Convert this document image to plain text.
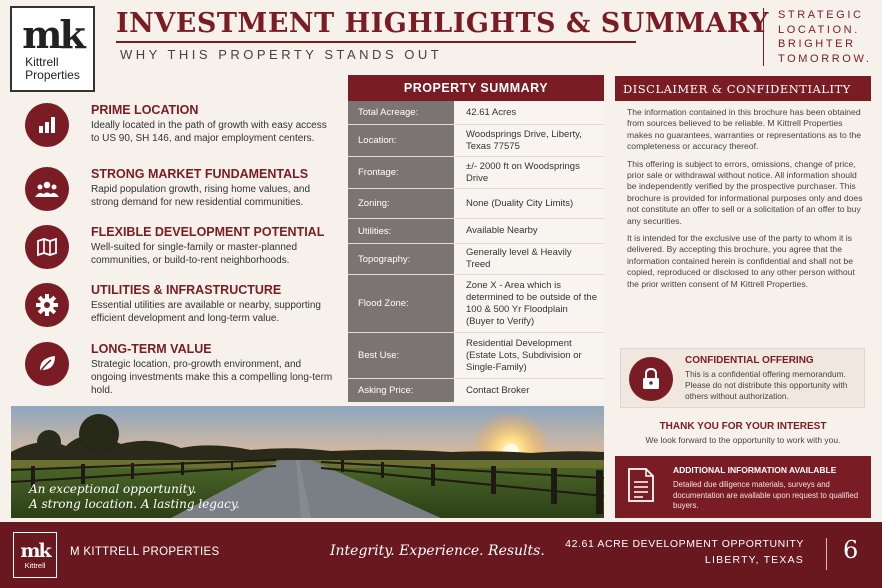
mk
Kittrell
Properties
INVESTMENT HIGHLIGHTS & SUMMARY
WHY THIS PROPERTY STANDS OUT
STRATEGIC
LOCATION.
BRIGHTER
TOMORROW.
PRIME LOCATION
Ideally located in the path of growth with easy access to US 90, SH 146, and major employment centers.
STRONG MARKET FUNDAMENTALS
Rapid population growth, rising home values, and strong demand for new residential communities.
FLEXIBLE DEVELOPMENT POTENTIAL
Well-suited for single-family or master-planned communities, or build-to-rent neighborhoods.
UTILITIES & INFRASTRUCTURE
Essential utilities are available or nearby, supporting efficient development and long-term value.
LONG-TERM VALUE
Strategic location, pro-growth environment, and ongoing investments make this a compelling long-term hold.
PROPERTY SUMMARY
Total Acreage:	42.61 Acres
Location:
Woodsprings Drive, Liberty, Texas 77575
Frontage:
±/- 2000 ft on Woodsprings Drive
Zoning:	None (Duality City Limits)
Utilities:	Available Nearby
Topography:
Generally level & Heavily Treed
Flood Zone:
Zone X - Area which is determined to be outside of the 100 & 500 Yr Floodplain (Buyer to Verify)
Best Use:
Residential Development (Estate Lots, Subdivision or Single-Family)
Asking Price:	Contact Broker
An exceptional opportunity.
A strong location. A lasting legacy.
DISCLAIMER & CONFIDENTIALITY

The information contained in this brochure has been obtained from sources believed to be reliable. M Kittrell Properties makes no guarantees, warranties or representations as to the completeness or accuracy thereof.

This offering is subject to errors, omissions, change of price, prior sale or withdrawal without notice. All information should be independently verified by the prospective purchaser. This brochure is provided for informational purposes only and does not constitute an offer to sell or a solicitation of an offer to buy any securities.

It is intended for the exclusive use of the party to whom it is delivered. By accepting this brochure, you agree that the information contained herein is confidential and shall not be copied, reproduced or disclosed to any other person without the prior written consent of M Kittrell Properties.

CONFIDENTIAL OFFERING
This is a confidential offering memorandum. Please do not distribute this opportunity with others without authorization.
THANK YOU FOR YOUR INTEREST
We look forward to the opportunity to work with you.
ADDITIONAL INFORMATION AVAILABLE
Detailed due diligence materials, surveys and documentation are available upon request to qualified buyers.
mk
Kittrell
M KITTRELL PROPERTIES	Integrity. Experience. Results. 42.61 ACRE DEVELOPMENT OPPORTUNITY
LIBERTY, TEXAS 6
